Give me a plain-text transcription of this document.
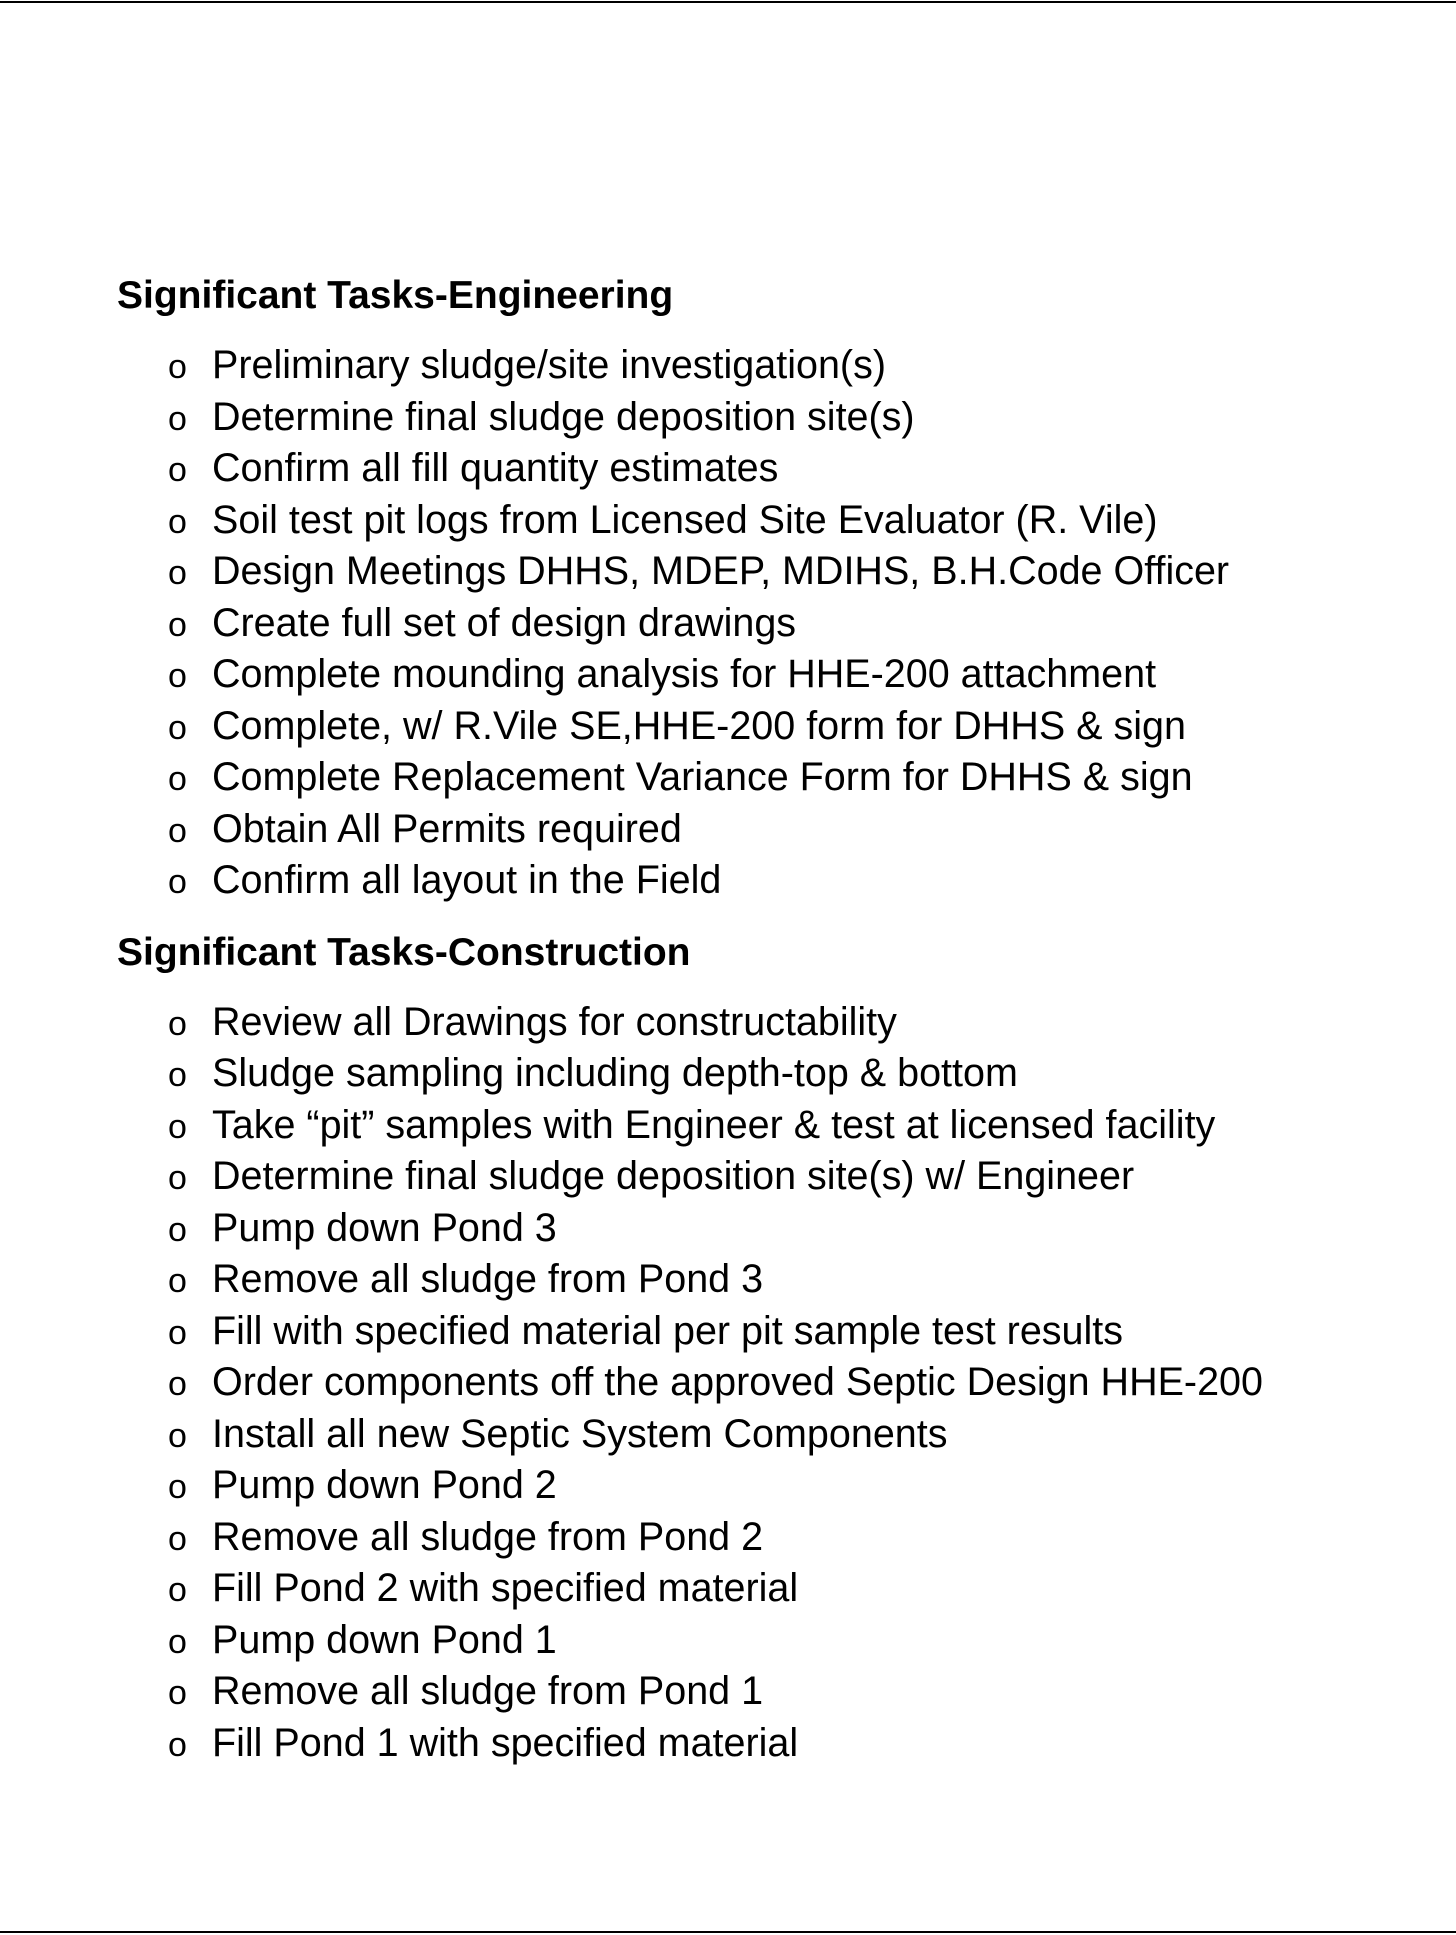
Significant Tasks-Engineering
o Preliminary sludge/site investigation(s)
o Determine final sludge deposition site(s)
o Confirm all fill quantity estimates
o Soil test pit logs from Licensed Site Evaluator (R. Vile)
o Design Meetings DHHS, MDEP, MDIHS, B.H.Code Officer
o Create full set of design drawings
o Complete mounding analysis for HHE-200 attachment
o Complete, w/ R.Vile SE,HHE-200 form for DHHS & sign
o Complete Replacement Variance Form for DHHS & sign
o Obtain All Permits required
o Confirm all layout in the Field
Significant Tasks-Construction
o Review all Drawings for constructability
o Sludge sampling including depth-top & bottom
o Take “pit” samples with Engineer & test at licensed facility
o Determine final sludge deposition site(s) w/ Engineer
o Pump down Pond 3
o Remove all sludge from Pond 3
o Fill with specified material per pit sample test results
o Order components off the approved Septic Design HHE-200
o Install all new Septic System Components
o Pump down Pond 2
o Remove all sludge from Pond 2
o Fill Pond 2 with specified material
o Pump down Pond 1
o Remove all sludge from Pond 1
o Fill Pond 1 with specified material
